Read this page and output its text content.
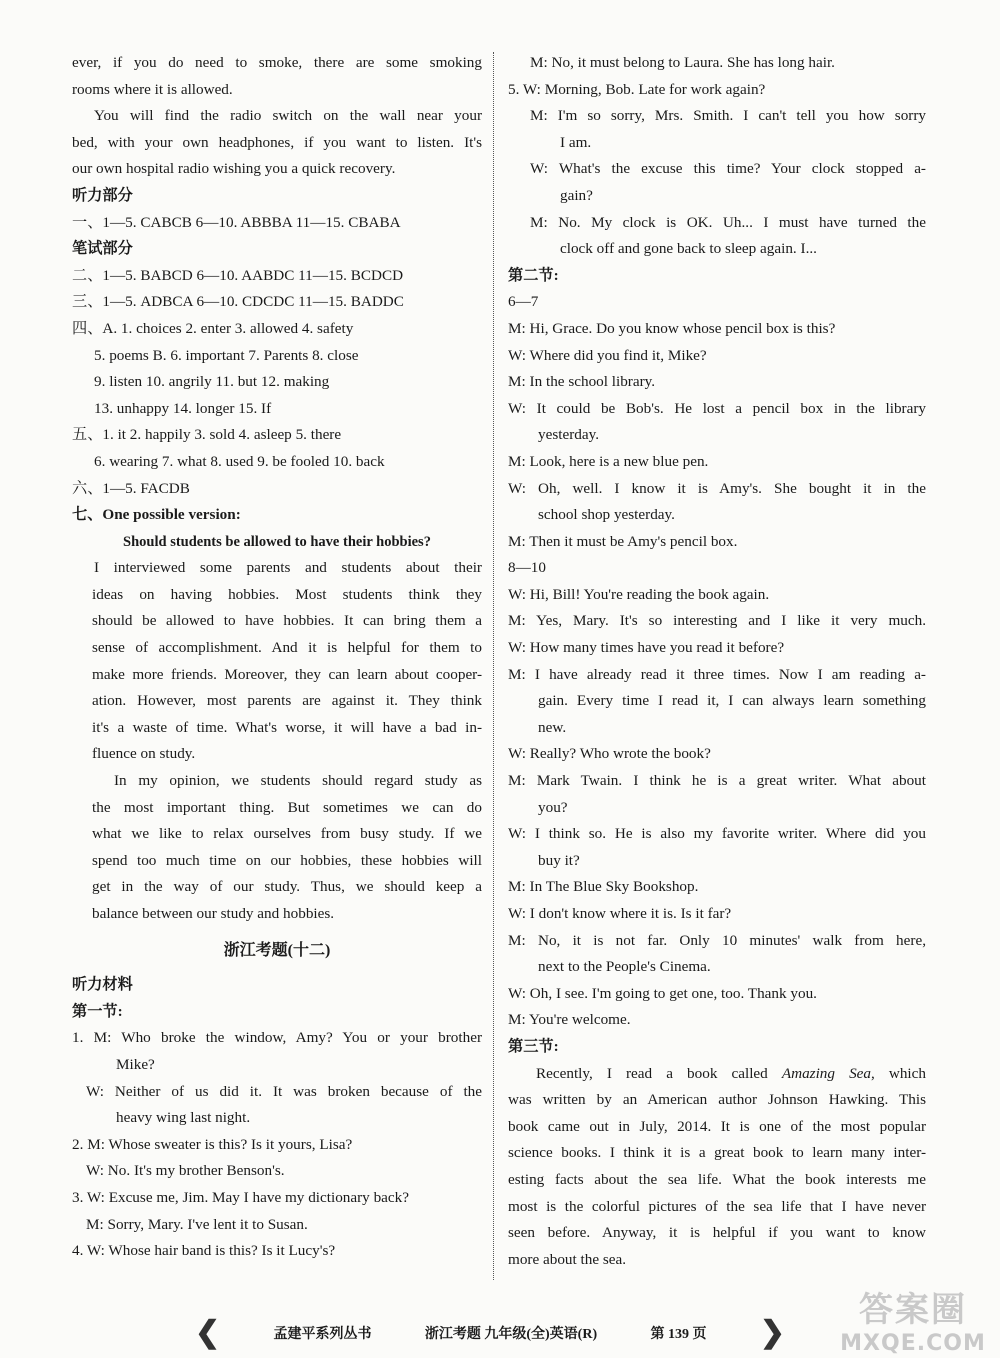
ever, if you do need to smoke, there are some smoking
rooms where it is allowed.
You will find the radio switch on the wall near your
bed, with your own headphones, if you want to listen. It's
our own hospital radio wishing you a quick recovery.
听力部分
一、1—5. CABCB 6—10. ABBBA 11—15. CBABA
笔试部分
二、1—5. BABCD 6—10. AABDC 11—15. BCDCD
三、1—5. ADBCA 6—10. CDCDC 11—15. BADDC
四、A. 1. choices 2. enter 3. allowed 4. safety
5. poems B. 6. important 7. Parents 8. close
9. listen 10. angrily 11. but 12. making
13. unhappy 14. longer 15. If
五、1. it 2. happily 3. sold 4. asleep 5. there
6. wearing 7. what 8. used 9. be fooled 10. back
六、1—5. FACDB
七、One possible version:
Should students be allowed to have their hobbies?
I interviewed some parents and students about their
ideas on having hobbies. Most students think they
should be allowed to have hobbies. It can bring them a
sense of accomplishment. And it is helpful for them to
make more friends. Moreover, they can learn about cooper-
ation. However, most parents are against it. They think
it's a waste of time. What's worse, it will have a bad in-
fluence on study.
In my opinion, we students should regard study as
the most important thing. But sometimes we can do
what we like to relax ourselves from busy study. If we
spend too much time on our hobbies, these hobbies will
get in the way of our study. Thus, we should keep a
balance between our study and hobbies.
浙江考题(十二)
听力材料
第一节:
1. M: Who broke the window, Amy? You or your brother
Mike?
W: Neither of us did it. It was broken because of the
heavy wing last night.
2. M: Whose sweater is this? Is it yours, Lisa?
W: No. It's my brother Benson's.
3. W: Excuse me, Jim. May I have my dictionary back?
M: Sorry, Mary. I've lent it to Susan.
4. W: Whose hair band is this? Is it Lucy's?
M: No, it must belong to Laura. She has long hair.
5. W: Morning, Bob. Late for work again?
M: I'm so sorry, Mrs. Smith. I can't tell you how sorry
I am.
W: What's the excuse this time? Your clock stopped a-
gain?
M: No. My clock is OK. Uh... I must have turned the
clock off and gone back to sleep again. I...
第二节:
6—7
M: Hi, Grace. Do you know whose pencil box is this?
W: Where did you find it, Mike?
M: In the school library.
W: It could be Bob's. He lost a pencil box in the library
yesterday.
M: Look, here is a new blue pen.
W: Oh, well. I know it is Amy's. She bought it in the
school shop yesterday.
M: Then it must be Amy's pencil box.
8—10
W: Hi, Bill! You're reading the book again.
M: Yes, Mary. It's so interesting and I like it very much.
W: How many times have you read it before?
M: I have already read it three times. Now I am reading a-
gain. Every time I read it, I can always learn something
new.
W: Really? Who wrote the book?
M: Mark Twain. I think he is a great writer. What about
you?
W: I think so. He is also my favorite writer. Where did you
buy it?
M: In The Blue Sky Bookshop.
W: I don't know where it is. Is it far?
M: No, it is not far. Only 10 minutes' walk from here,
next to the People's Cinema.
W: Oh, I see. I'm going to get one, too. Thank you.
M: You're welcome.
第三节:
Recently, I read a book called Amazing Sea, which
was written by an American author Johnson Hawking. This
book came out in July, 2014. It is one of the most popular
science books. I think it is a great book to learn many inter-
esting facts about the sea life. What the book interests me
most is the colorful pictures of the sea life that I have never
seen before. Anyway, it is helpful if you want to know
more about the sea.
❮	孟建平系列丛书	浙江考题 九年级(全)英语(R)	第 139 页 ❯
答案圈
MXQE.COM
